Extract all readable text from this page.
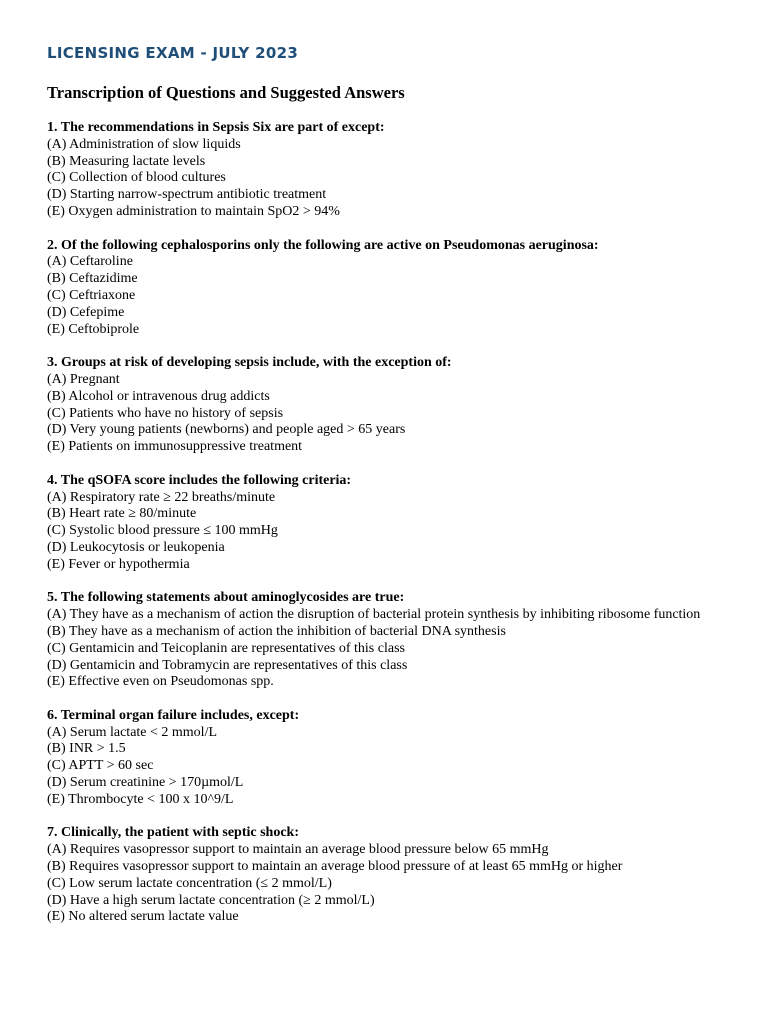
LICENSING EXAM - JULY 2023
Transcription of Questions and Suggested Answers

1. The recommendations in Sepsis Six are part of except:

(A) Administration of slow liquids

(B) Measuring lactate levels

(C) Collection of blood cultures

(D) Starting narrow-spectrum antibiotic treatment

(E) Oxygen administration to maintain SpO2 > 94%

2. Of the following cephalosporins only the following are active on Pseudomonas aeruginosa:

(A) Ceftaroline

(B) Ceftazidime

(C) Ceftriaxone

(D) Cefepime

(E) Ceftobiprole

3. Groups at risk of developing sepsis include, with the exception of:

(A) Pregnant

(B) Alcohol or intravenous drug addicts

(C) Patients who have no history of sepsis

(D) Very young patients (newborns) and people aged > 65 years

(E) Patients on immunosuppressive treatment

4. The qSOFA score includes the following criteria:

(A) Respiratory rate ≥ 22 breaths/minute

(B) Heart rate ≥ 80/minute

(C) Systolic blood pressure ≤ 100 mmHg

(D) Leukocytosis or leukopenia

(E) Fever or hypothermia

5. The following statements about aminoglycosides are true:

(A) They have as a mechanism of action the disruption of bacterial protein synthesis by inhibiting ribosome function

(B) They have as a mechanism of action the inhibition of bacterial DNA synthesis

(C) Gentamicin and Teicoplanin are representatives of this class

(D) Gentamicin and Tobramycin are representatives of this class

(E) Effective even on Pseudomonas spp.

6. Terminal organ failure includes, except:

(A) Serum lactate < 2 mmol/L

(B) INR > 1.5

(C) APTT > 60 sec

(D) Serum creatinine > 170µmol/L

(E) Thrombocyte < 100 x 10^9/L

7. Clinically, the patient with septic shock:

(A) Requires vasopressor support to maintain an average blood pressure below 65 mmHg

(B) Requires vasopressor support to maintain an average blood pressure of at least 65 mmHg or higher

(C) Low serum lactate concentration (≤ 2 mmol/L)

(D) Have a high serum lactate concentration (≥ 2 mmol/L)

(E) No altered serum lactate value
